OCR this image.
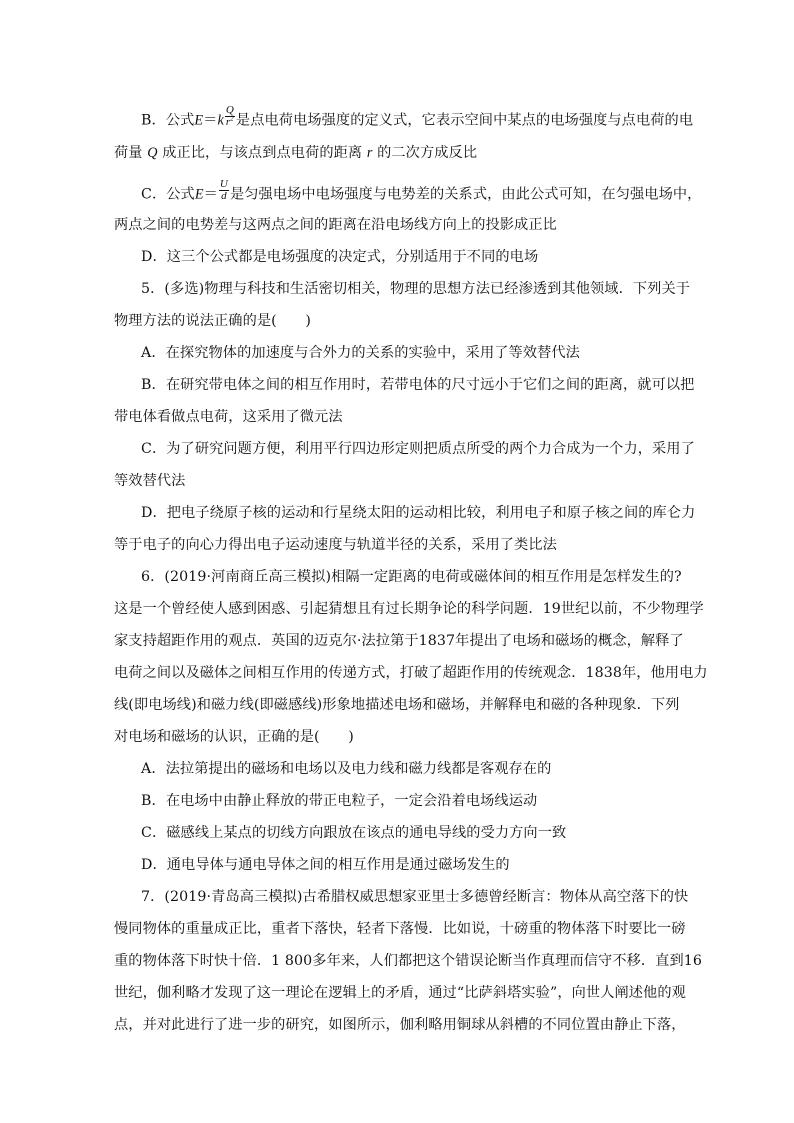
B．公式$E=k \frac{Q}{r^2}$ 是点电荷电场强度的定义式，它表示空间中某点的电场强度与点电荷的电
荷量 Q 成正比，与该点到点电荷的距离 r 的二次方成反比
C．公式$E= \frac{U}{d}$ 是匀强电场中电场强度与电势差的关系式，由此公式可知，在匀强电场中，
两点之间的电势差与这两点之间的距离在沿电场线方向上的投影成正比
D．这三个公式都是电场强度的决定式，分别适用于不同的电场
5．(多选)物理与科技和生活密切相关，物理的思想方法已经渗透到其他领域．下列关于
物理方法的说法正确的是(　　)
A．在探究物体的加速度与合外力的关系的实验中，采用了等效替代法
B．在研究带电体之间的相互作用时，若带电体的尺寸远小于它们之间的距离，就可以把
带电体看做点电荷，这采用了微元法
C．为了研究问题方便，利用平行四边形定则把质点所受的两个力合成为一个力，采用了
等效替代法
D．把电子绕原子核的运动和行星绕太阳的运动相比较，利用电子和原子核之间的库仑力
等于电子的向心力得出电子运动速度与轨道半径的关系，采用了类比法
6．(2019·河南商丘高三模拟)相隔一定距离的电荷或磁体间的相互作用是怎样发生的?
这是一个曾经使人感到困惑、引起猜想且有过长期争论的科学问题．19世纪以前，不少物理学
家支持超距作用的观点．英国的迈克尔·法拉第于1837年提出了电场和磁场的概念，解释了
电荷之间以及磁体之间相互作用的传递方式，打破了超距作用的传统观念．1838年，他用电力
线(即电场线)和磁力线(即磁感线)形象地描述电场和磁场，并解释电和磁的各种现象．下列
对电场和磁场的认识，正确的是(　　)
A．法拉第提出的磁场和电场以及电力线和磁力线都是客观存在的
B．在电场中由静止释放的带正电粒子，一定会沿着电场线运动
C．磁感线上某点的切线方向跟放在该点的通电导线的受力方向一致
D．通电导体与通电导体之间的相互作用是通过磁场发生的
7．(2019·青岛高三模拟)古希腊权威思想家亚里士多德曾经断言：物体从高空落下的快
慢同物体的重量成正比，重者下落快，轻者下落慢．比如说，十磅重的物体落下时要比一磅
重的物体落下时快十倍．1 800多年来，人们都把这个错误论断当作真理而信守不移．直到16
世纪，伽利略才发现了这一理论在逻辑上的矛盾，通过“比萨斜塔实验”，向世人阐述他的观
点，并对此进行了进一步的研究，如图所示，伽利略用铜球从斜槽的不同位置由静止下落，
